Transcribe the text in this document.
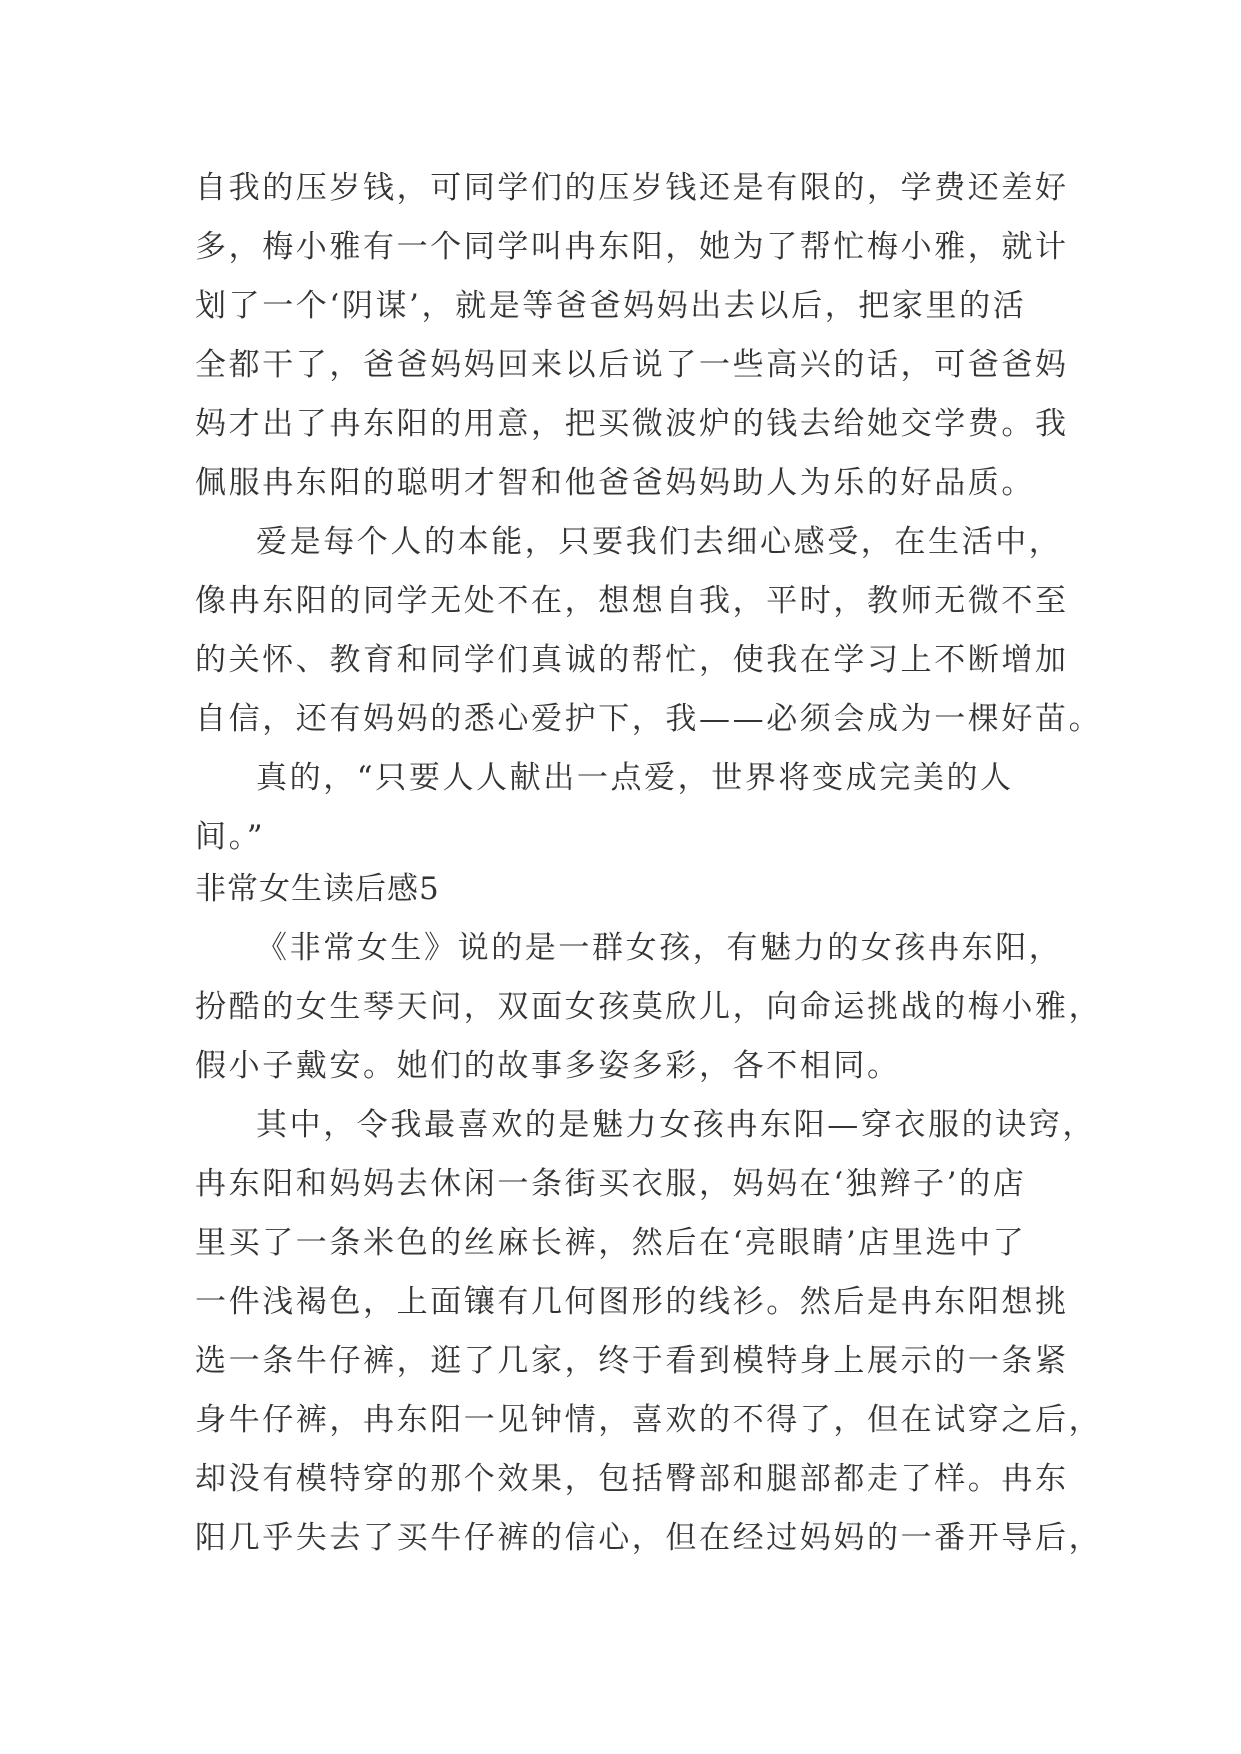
自我的压岁钱，可同学们的压岁钱还是有限的，学费还差好
多，梅小雅有一个同学叫冉东阳，她为了帮忙梅小雅，就计
划了一个‘阴谋’，就是等爸爸妈妈出去以后，把家里的活
全都干了，爸爸妈妈回来以后说了一些高兴的话，可爸爸妈
妈才出了冉东阳的用意，把买微波炉的钱去给她交学费。我
佩服冉东阳的聪明才智和他爸爸妈妈助人为乐的好品质。
爱是每个人的本能，只要我们去细心感受，在生活中，
像冉东阳的同学无处不在，想想自我，平时，教师无微不至
的关怀、教育和同学们真诚的帮忙，使我在学习上不断增加
自信，还有妈妈的悉心爱护下，我——必须会成为一棵好苗。
真的，“只要人人献出一点爱，世界将变成完美的人
间。”
非常女生读后感5
《非常女生》说的是一群女孩，有魅力的女孩冉东阳，
扮酷的女生琴天问，双面女孩莫欣儿，向命运挑战的梅小雅，
假小子戴安。她们的故事多姿多彩，各不相同。
其中，令我最喜欢的是魅力女孩冉东阳—穿衣服的诀窍，
冉东阳和妈妈去休闲一条街买衣服，妈妈在‘独辫子’的店
里买了一条米色的丝麻长裤，然后在‘亮眼睛’店里选中了
一件浅褐色，上面镶有几何图形的线衫。然后是冉东阳想挑
选一条牛仔裤，逛了几家，终于看到模特身上展示的一条紧
身牛仔裤，冉东阳一见钟情，喜欢的不得了，但在试穿之后，
却没有模特穿的那个效果，包括臀部和腿部都走了样。冉东
阳几乎失去了买牛仔裤的信心，但在经过妈妈的一番开导后，
